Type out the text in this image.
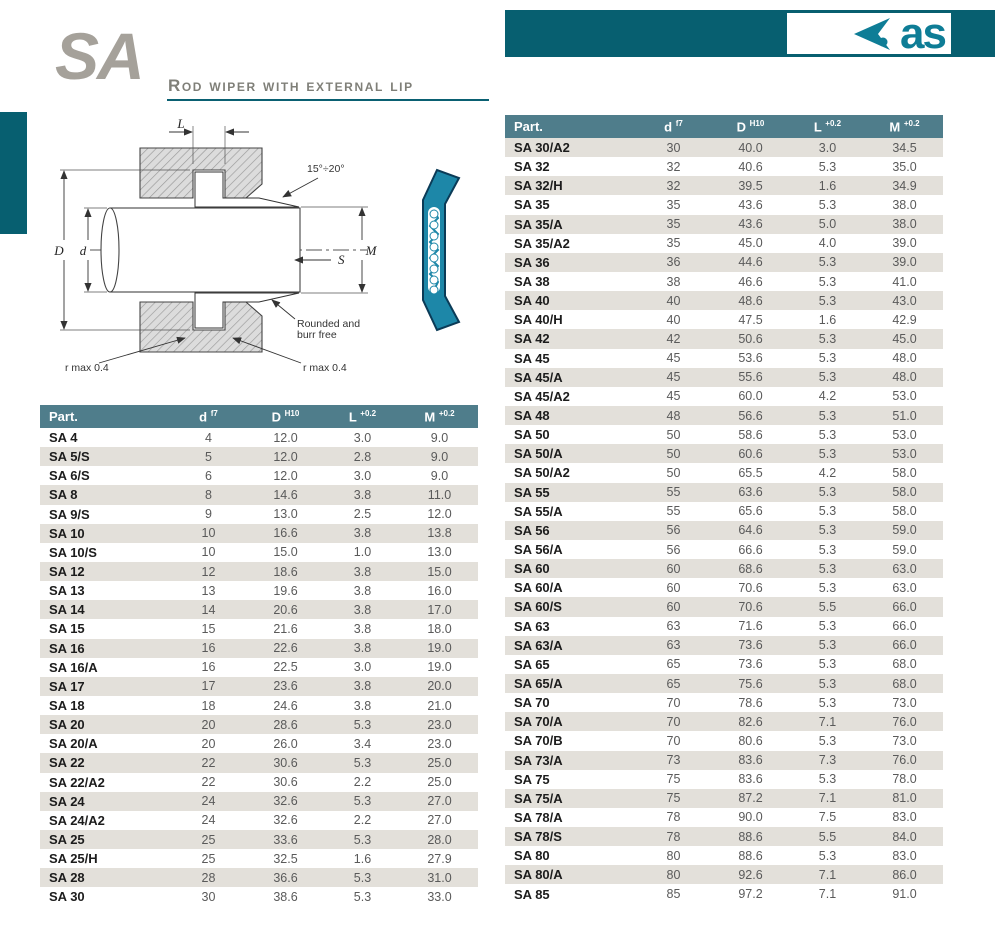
as
SA Rod wiper with external lip
L
D d	M
S
15°÷20°
Rounded and
burr free
r max 0.4	r max 0.4
Part.	d $^{f7}$	D $^{H10}$	L $^{+0.2}$	M $^{+0.2}$
SA 4	4	12.0	3.0	9.0
SA 5/S	5	12.0	2.8	9.0
SA 6/S	6	12.0	3.0	9.0
SA 8	8	14.6	3.8	11.0
SA 9/S	9	13.0	2.5	12.0
SA 10	10	16.6	3.8	13.8
SA 10/S	10	15.0	1.0	13.0
SA 12	12	18.6	3.8	15.0
SA 13	13	19.6	3.8	16.0
SA 14	14	20.6	3.8	17.0
SA 15	15	21.6	3.8	18.0
SA 16	16	22.6	3.8	19.0
SA 16/A	16	22.5	3.0	19.0
SA 17	17	23.6	3.8	20.0
SA 18	18	24.6	3.8	21.0
SA 20	20	28.6	5.3	23.0
SA 20/A	20	26.0	3.4	23.0
SA 22	22	30.6	5.3	25.0
SA 22/A2	22	30.6	2.2	25.0
SA 24	24	32.6	5.3	27.0
SA 24/A2	24	32.6	2.2	27.0
SA 25	25	33.6	5.3	28.0
SA 25/H	25	32.5	1.6	27.9
SA 28	28	36.6	5.3	31.0
SA 30	30	38.6	5.3	33.0
Part.	d $^{f7}$	D $^{H10}$	L $^{+0.2}$	M $^{+0.2}$
SA 30/A2	30	40.0	3.0	34.5
SA 32	32	40.6	5.3	35.0
SA 32/H	32	39.5	1.6	34.9
SA 35	35	43.6	5.3	38.0
SA 35/A	35	43.6	5.0	38.0
SA 35/A2	35	45.0	4.0	39.0
SA 36	36	44.6	5.3	39.0
SA 38	38	46.6	5.3	41.0
SA 40	40	48.6	5.3	43.0
SA 40/H	40	47.5	1.6	42.9
SA 42	42	50.6	5.3	45.0
SA 45	45	53.6	5.3	48.0
SA 45/A	45	55.6	5.3	48.0
SA 45/A2	45	60.0	4.2	53.0
SA 48	48	56.6	5.3	51.0
SA 50	50	58.6	5.3	53.0
SA 50/A	50	60.6	5.3	53.0
SA 50/A2	50	65.5	4.2	58.0
SA 55	55	63.6	5.3	58.0
SA 55/A	55	65.6	5.3	58.0
SA 56	56	64.6	5.3	59.0
SA 56/A	56	66.6	5.3	59.0
SA 60	60	68.6	5.3	63.0
SA 60/A	60	70.6	5.3	63.0
SA 60/S	60	70.6	5.5	66.0
SA 63	63	71.6	5.3	66.0
SA 63/A	63	73.6	5.3	66.0
SA 65	65	73.6	5.3	68.0
SA 65/A	65	75.6	5.3	68.0
SA 70	70	78.6	5.3	73.0
SA 70/A	70	82.6	7.1	76.0
SA 70/B	70	80.6	5.3	73.0
SA 73/A	73	83.6	7.3	76.0
SA 75	75	83.6	5.3	78.0
SA 75/A	75	87.2	7.1	81.0
SA 78/A	78	90.0	7.5	83.0
SA 78/S	78	88.6	5.5	84.0
SA 80	80	88.6	5.3	83.0
SA 80/A	80	92.6	7.1	86.0
SA 85	85	97.2	7.1	91.0
